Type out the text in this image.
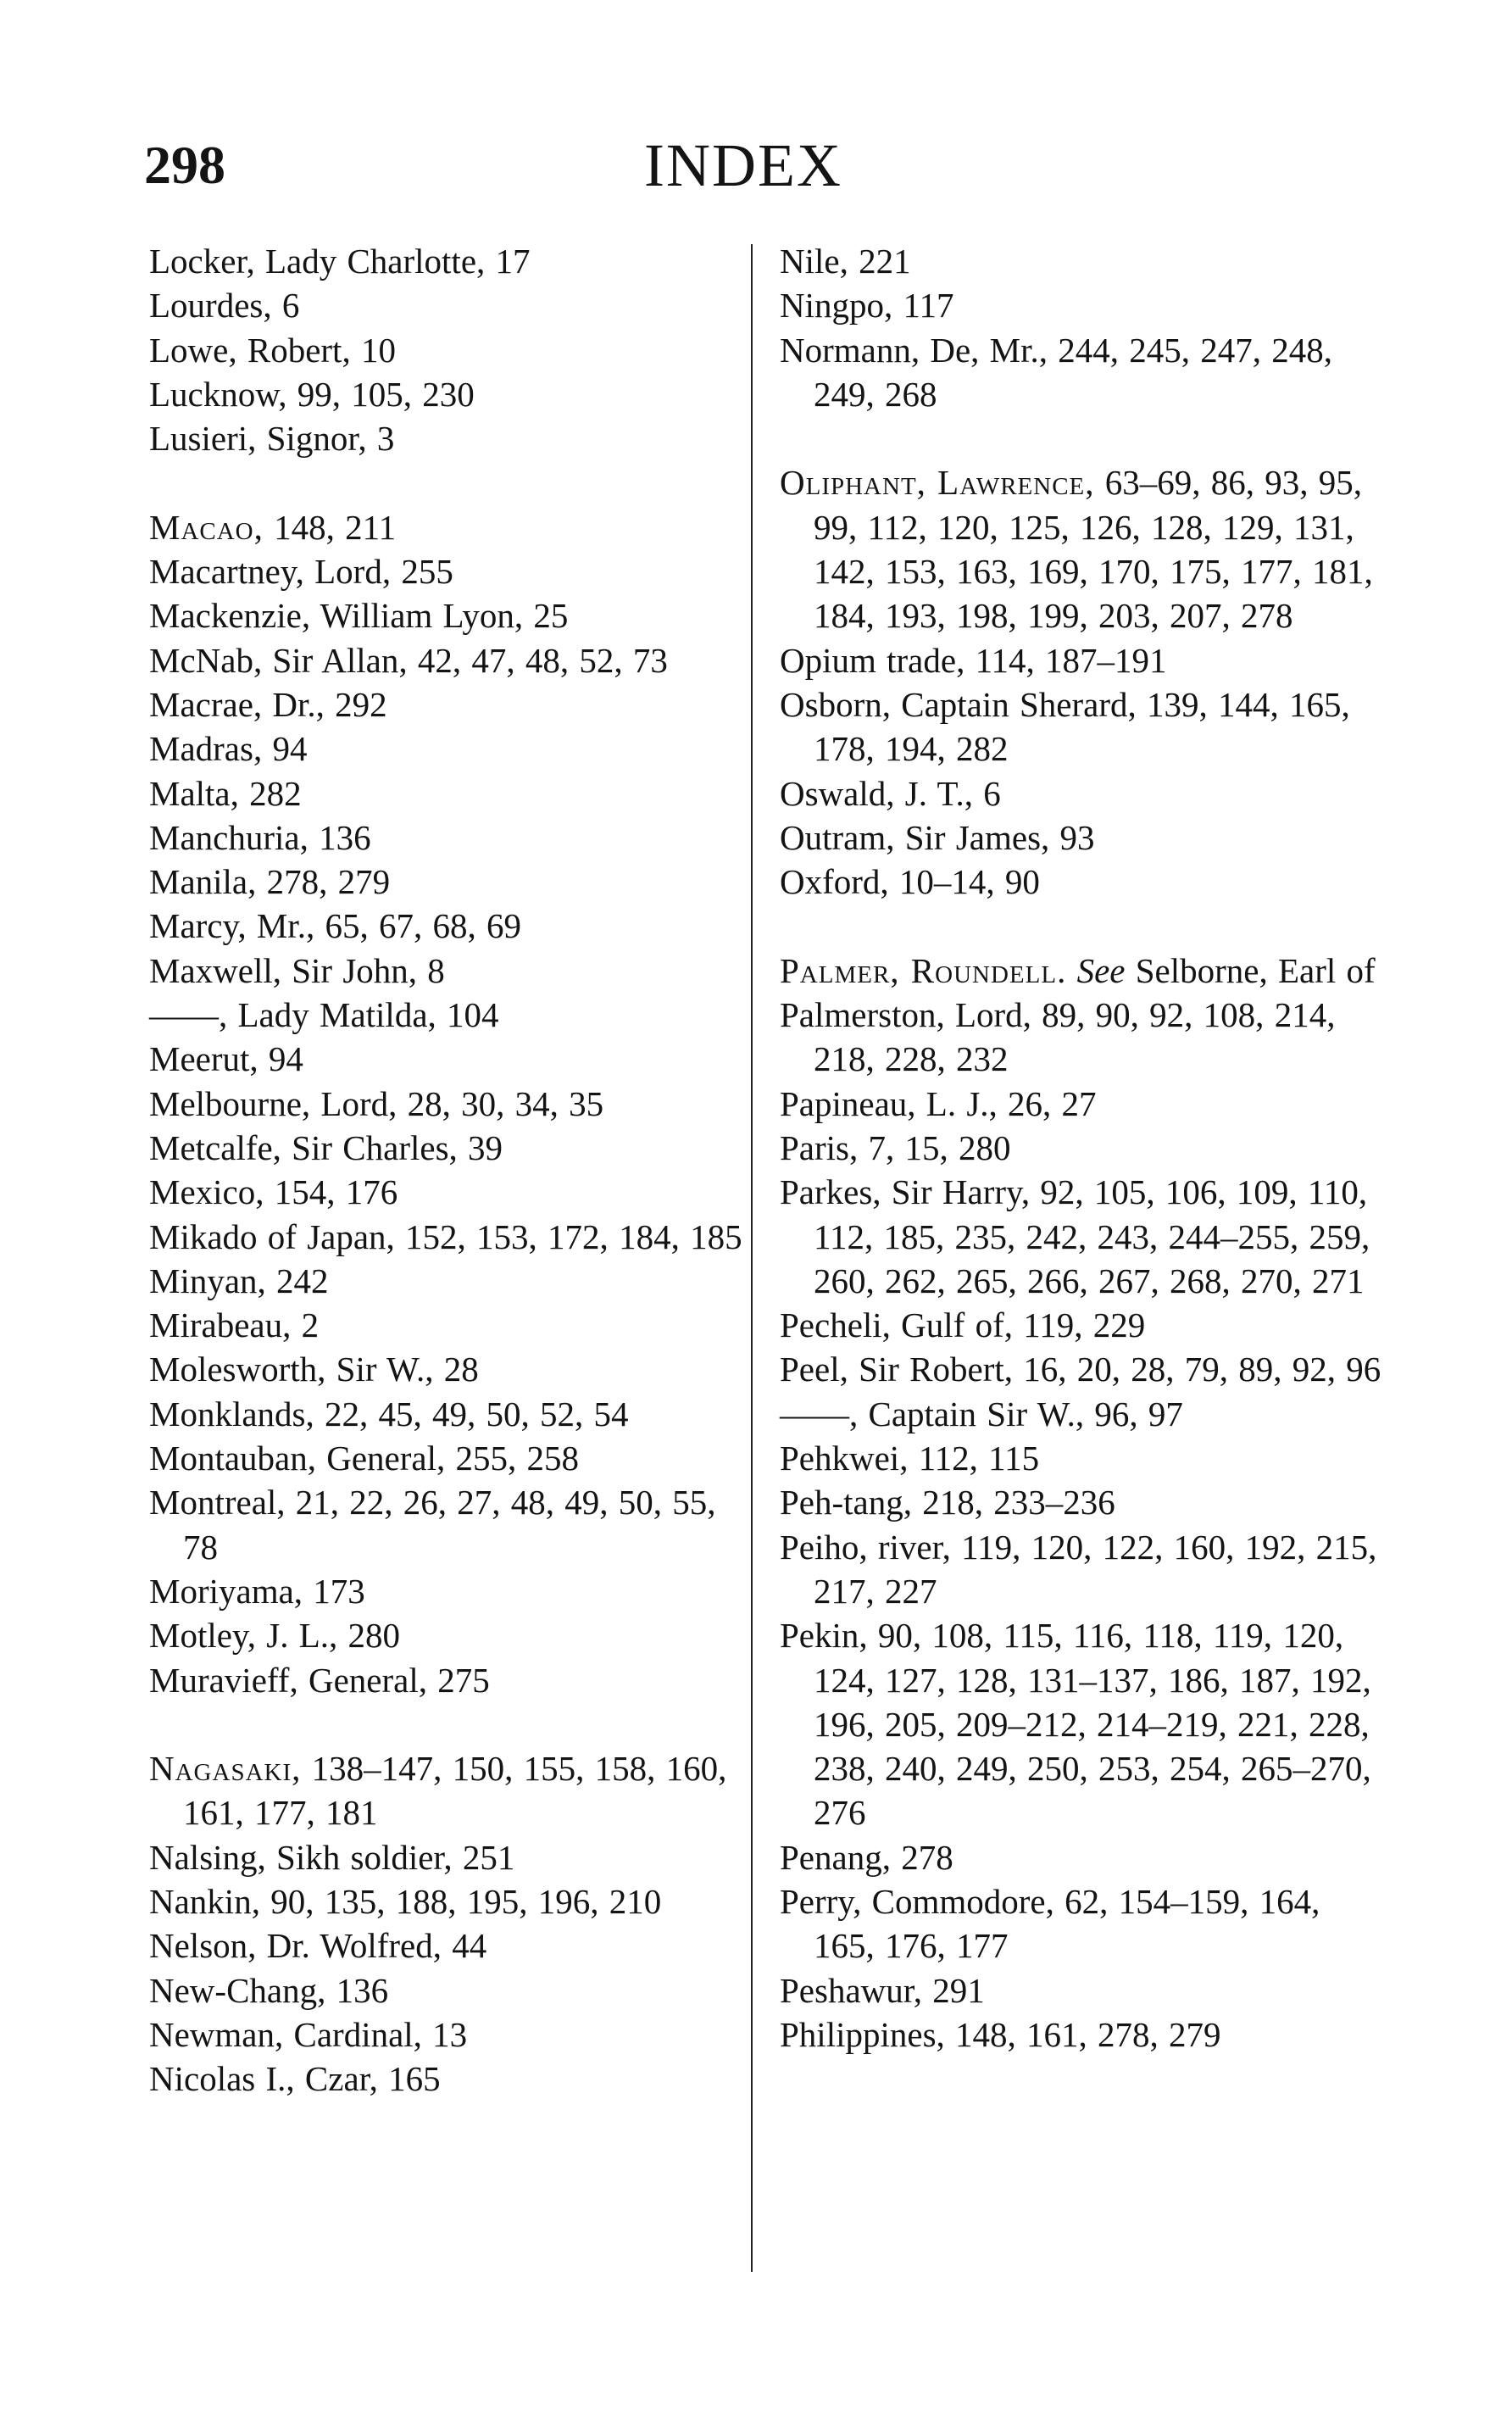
298	INDEX
Locker, Lady Charlotte, 17
Lourdes, 6
Lowe, Robert, 10
Lucknow, 99, 105, 230
Lusieri, Signor, 3
Macao, 148, 211
Macartney, Lord, 255
Mackenzie, William Lyon, 25
McNab, Sir Allan, 42, 47, 48, 52, 73
Macrae, Dr., 292
Madras, 94
Malta, 282
Manchuria, 136
Manila, 278, 279
Marcy, Mr., 65, 67, 68, 69
Maxwell, Sir John, 8
——, Lady Matilda, 104
Meerut, 94
Melbourne, Lord, 28, 30, 34, 35
Metcalfe, Sir Charles, 39
Mexico, 154, 176
Mikado of Japan, 152, 153, 172, 184, 185
Minyan, 242
Mirabeau, 2
Molesworth, Sir W., 28
Monklands, 22, 45, 49, 50, 52, 54
Montauban, General, 255, 258
Montreal, 21, 22, 26, 27, 48, 49, 50, 55, 78
Moriyama, 173
Motley, J. L., 280
Muravieff, General, 275
Nagasaki, 138–147, 150, 155, 158, 160, 161, 177, 181
Nalsing, Sikh soldier, 251
Nankin, 90, 135, 188, 195, 196, 210
Nelson, Dr. Wolfred, 44
New-Chang, 136
Newman, Cardinal, 13
Nicolas I., Czar, 165
Nile, 221
Ningpo, 117
Normann, De, Mr., 244, 245, 247, 248, 249, 268
Oliphant, Lawrence, 63–69, 86, 93, 95, 99, 112, 120, 125, 126, 128, 129, 131, 142, 153, 163, 169, 170, 175, 177, 181, 184, 193, 198, 199, 203, 207, 278
Opium trade, 114, 187–191
Osborn, Captain Sherard, 139, 144, 165, 178, 194, 282
Oswald, J. T., 6
Outram, Sir James, 93
Oxford, 10–14, 90
Palmer, Roundell. See Selborne, Earl of
Palmerston, Lord, 89, 90, 92, 108, 214, 218, 228, 232
Papineau, L. J., 26, 27
Paris, 7, 15, 280
Parkes, Sir Harry, 92, 105, 106, 109, 110, 112, 185, 235, 242, 243, 244–255, 259, 260, 262, 265, 266, 267, 268, 270, 271
Pecheli, Gulf of, 119, 229
Peel, Sir Robert, 16, 20, 28, 79, 89, 92, 96
——, Captain Sir W., 96, 97
Pehkwei, 112, 115
Peh-tang, 218, 233–236
Peiho, river, 119, 120, 122, 160, 192, 215, 217, 227
Pekin, 90, 108, 115, 116, 118, 119, 120, 124, 127, 128, 131–137, 186, 187, 192, 196, 205, 209–212, 214–219, 221, 228, 238, 240, 249, 250, 253, 254, 265–270, 276
Penang, 278
Perry, Commodore, 62, 154–159, 164, 165, 176, 177
Peshawur, 291
Philippines, 148, 161, 278, 279
